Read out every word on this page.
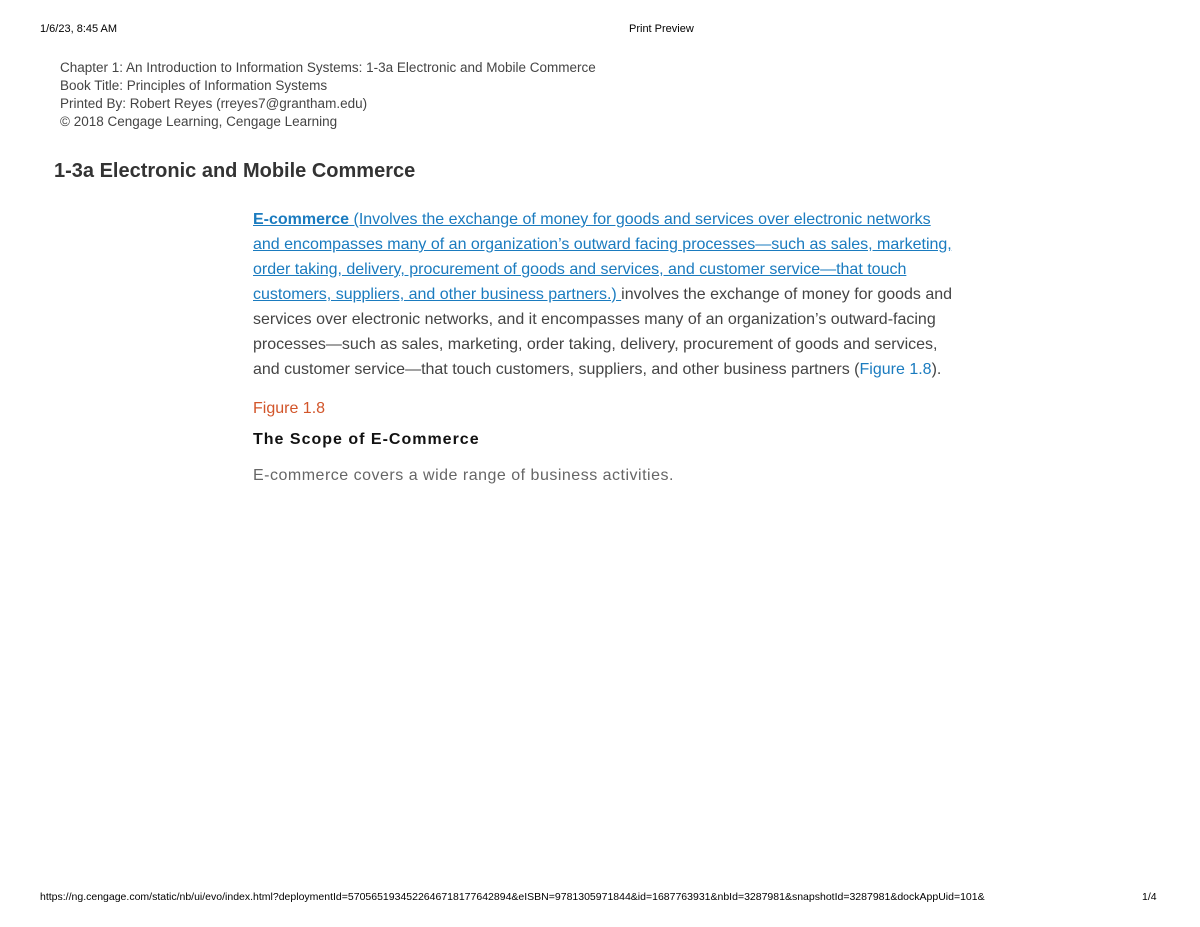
1/6/23, 8:45 AM	Print Preview
Chapter 1: An Introduction to Information Systems: 1-3a Electronic and Mobile Commerce
Book Title: Principles of Information Systems
Printed By: Robert Reyes (rreyes7@grantham.edu)
© 2018 Cengage Learning, Cengage Learning
1-3a Electronic and Mobile Commerce

E-commerce (Involves the exchange of money for goods and services over electronic networks and encompasses many of an organization’s outward facing processes—such as sales, marketing, order taking, delivery, procurement of goods and services, and customer service—that touch customers, suppliers, and other business partners.) involves the exchange of money for goods and services over electronic networks, and it encompasses many of an organization’s outward-facing processes—such as sales, marketing, order taking, delivery, procurement of goods and services, and customer service—that touch customers, suppliers, and other business partners (Figure 1.8).

Figure 1.8
The Scope of E-Commerce
E-commerce covers a wide range of business activities.
https://ng.cengage.com/static/nb/ui/evo/index.html?deploymentId=5705651934522646718177642894&eISBN=9781305971844&id=1687763931&nbId=3287981&snapshotId=3287981&dockAppUid=101&	1/4
